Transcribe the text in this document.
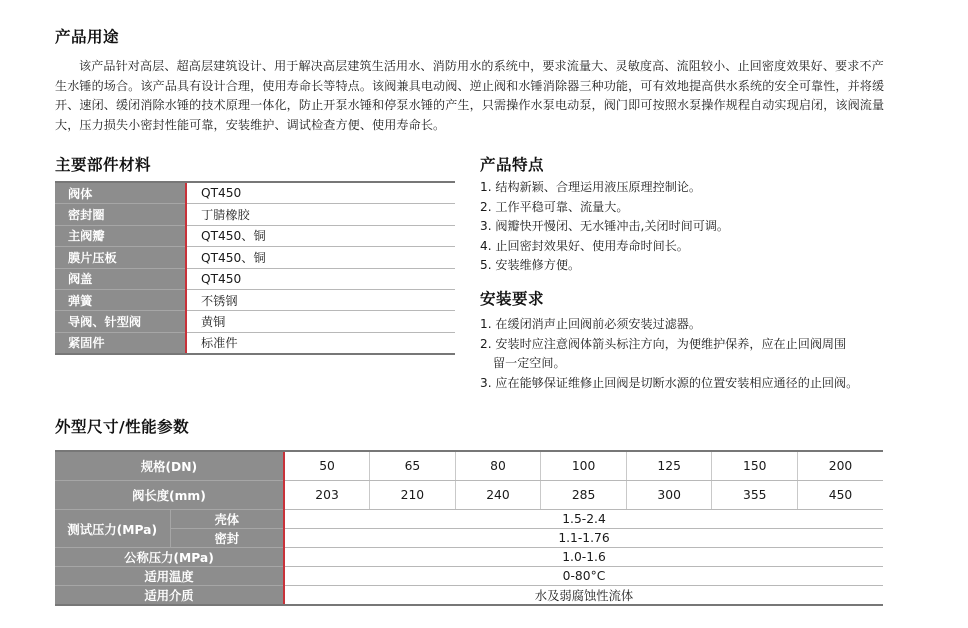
产品用途

该产品针对高层、超高层建筑设计、用于解决高层建筑生活用水、消防用水的系统中，要求流量大、灵敏度高、流阻较小、止回密度效果好、要求不产生水锤的场合。该产品具有设计合理，使用寿命长等特点。该阀兼具电动阀、逆止阀和水锤消除器三种功能，可有效地提高供水系统的安全可靠性，并将缓开、速闭、缓闭消除水锤的技术原理一体化，防止开泵水锤和停泵水锤的产生，只需操作水泵电动泵，阀门即可按照水泵操作规程自动实现启闭，该阀流量大，压力损失小密封性能可靠，安装维护、调试检查方便、使用寿命长。

主要部件材料
阀体	QT450
密封圈	丁腈橡胶
主阀瓣	QT450、铜
膜片压板	QT450、铜
阀盖	QT450
弹簧	不锈钢
导阀、针型阀	黄铜
紧固件	标准件
产品特点
1. 结构新颖、合理运用液压原理控制论。
2. 工作平稳可靠、流量大。
3. 阀瓣快开慢闭、无水锤冲击,关闭时间可调。
4. 止回密封效果好、使用寿命时间长。
5. 安装维修方便。
安装要求
1. 在缓闭消声止回阀前必须安装过滤器。
2. 安装时应注意阀体箭头标注方向，为便维护保养，应在止回阀周围
留一定空间。
3. 应在能够保证维修止回阀是切断水源的位置安装相应通径的止回阀。
外型尺寸/性能参数
规格(DN)		50	65	80	100	125	150	200
阀长度(mm)		203	210	240	285	300	355	450
测试压力(MPa)	壳体	1.5-2.4						
	密封	1.1-1.76						
公称压力(MPa)		1.0-1.6						
适用温度		0-80°C						
适用介质		水及弱腐蚀性流体						
